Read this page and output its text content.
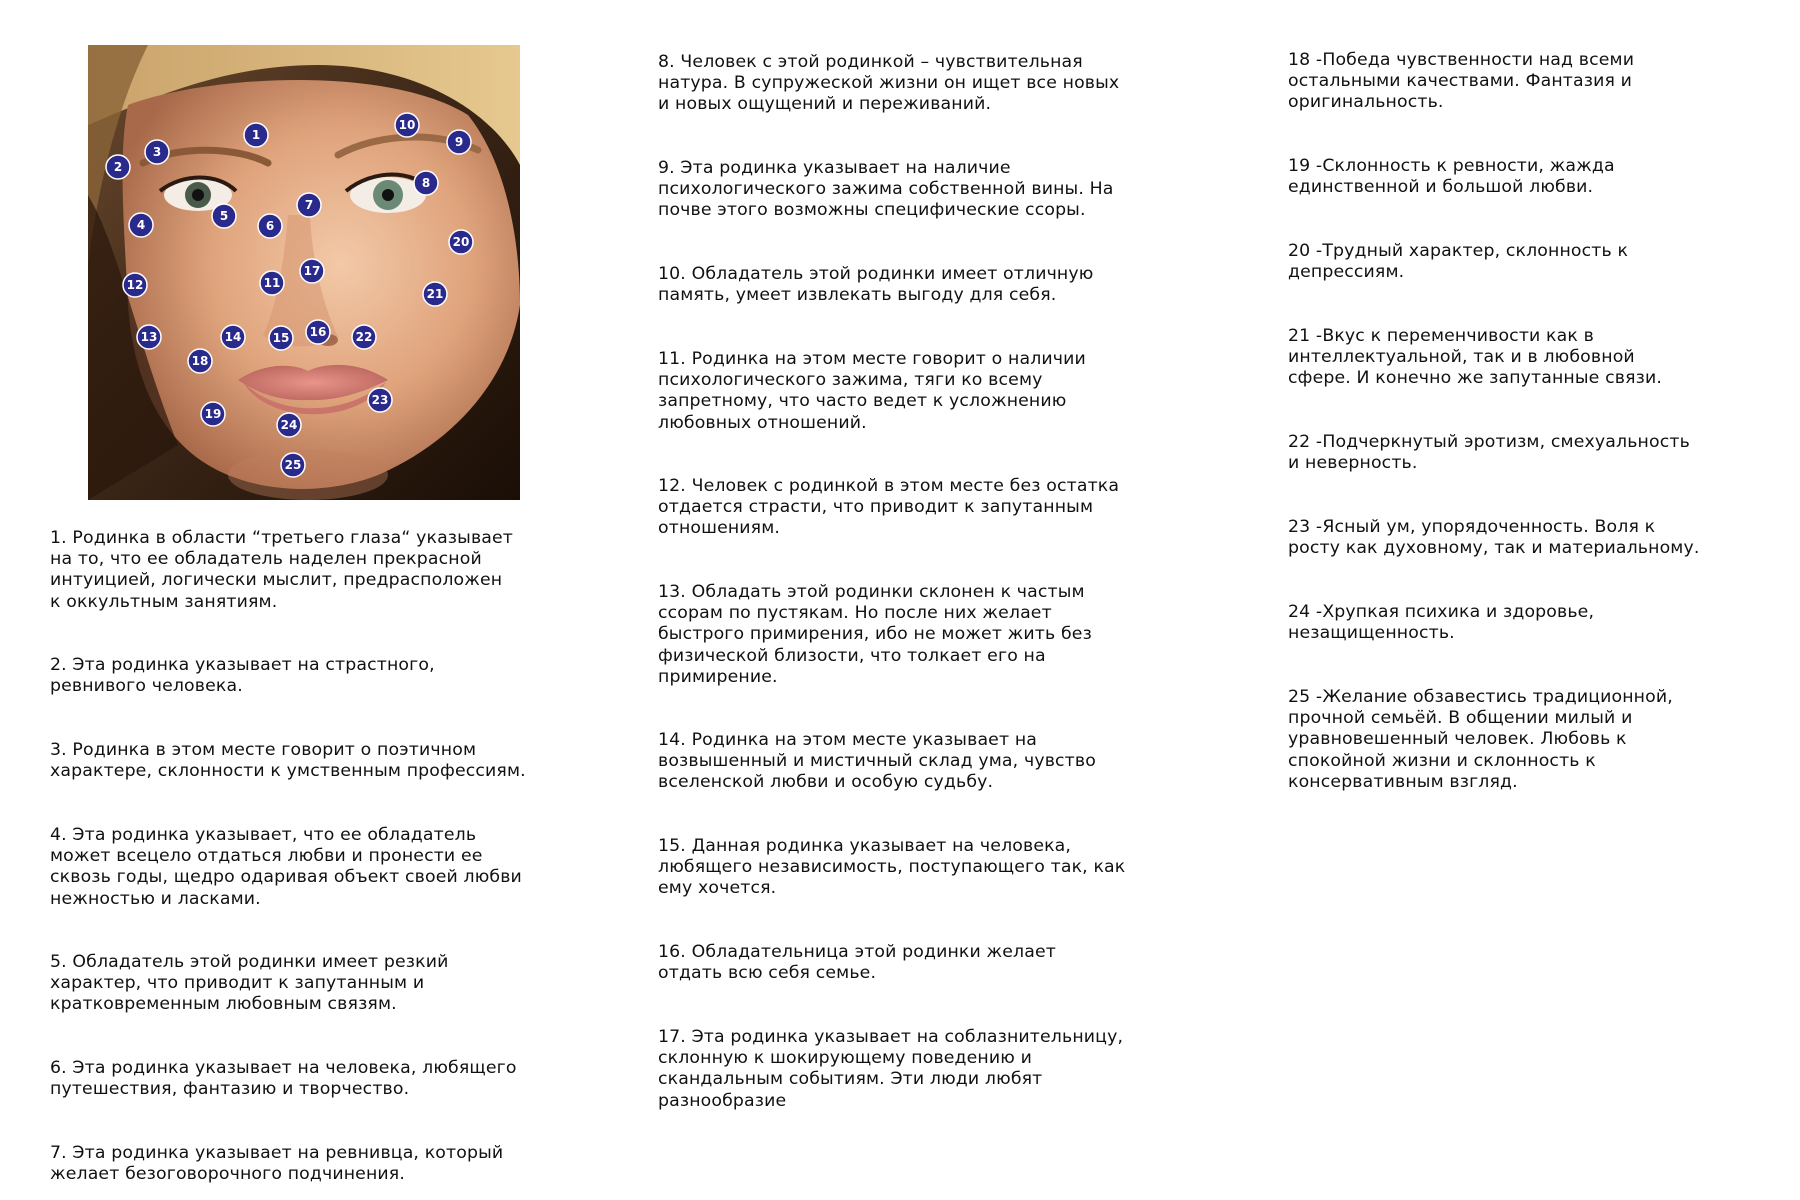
1
2
3
4
5
6
7
8
9
10
11
12
13	14	15 16
17
18
19
20
21
22
23
24
25

1. Родинка в области “третьего глаза“ указывает
на то, что ее обладатель наделен прекрасной
интуицией, логически мыслит, предрасположен
к оккультным занятиям.

2. Эта родинка указывает на страстного,
ревнивого человека.

3. Родинка в этом месте говорит о поэтичном
характере, склонности к умственным профессиям.

4. Эта родинка указывает, что ее обладатель
может всецело отдаться любви и пронести ее
сквозь годы, щедро одаривая объект своей любви
нежностью и ласками.

5. Обладатель этой родинки имеет резкий
характер, что приводит к запутанным и
кратковременным любовным связям.

6. Эта родинка указывает на человека, любящего
путешествия, фантазию и творчество.

7. Эта родинка указывает на ревнивца, который
желает безоговорочного подчинения.

8. Человек с этой родинкой – чувствительная
натура. В супружеской жизни он ищет все новых
и новых ощущений и переживаний.

9. Эта родинка указывает на наличие
психологического зажима собственной вины. На
почве этого возможны специфические ссоры.

10. Обладатель этой родинки имеет отличную
память, умеет извлекать выгоду для себя.

11. Родинка на этом месте говорит о наличии
психологического зажима, тяги ко всему
запретному, что часто ведет к усложнению
любовных отношений.

12. Человек с родинкой в этом месте без остатка
отдается страсти, что приводит к запутанным
отношениям.

13. Обладать этой родинки склонен к частым
ссорам по пустякам. Но после них желает
быстрого примирения, ибо не может жить без
физической близости, что толкает его на
примирение.

14. Родинка на этом месте указывает на
возвышенный и мистичный склад ума, чувство
вселенской любви и особую судьбу.

15. Данная родинка указывает на человека,
любящего независимость, поступающего так, как
ему хочется.

16. Обладательница этой родинки желает
отдать всю себя семье.

17. Эта родинка указывает на соблазнительницу,
склонную к шокирующему поведению и
скандальным событиям. Эти люди любят
разнообразие

18 -Победа чувственности над всеми
остальными качествами. Фантазия и
оригинальность.

19 -Склонность к ревности, жажда
единственной и большой любви.

20 -Трудный характер, склонность к
депрессиям.

21 -Вкус к переменчивости как в
интеллектуальной, так и в любовной
сфере. И конечно же запутанные связи.

22 -Подчеркнутый эротизм, смехуальность
и неверность.

23 -Ясный ум, упорядоченность. Воля к
росту как духовному, так и материальному.

24 -Хрупкая психика и здоровье,
незащищенность.

25 -Желание обзавестись традиционной,
прочной семьёй. В общении милый и
уравновешенный человек. Любовь к
спокойной жизни и склонность к
консервативным взгляд.
